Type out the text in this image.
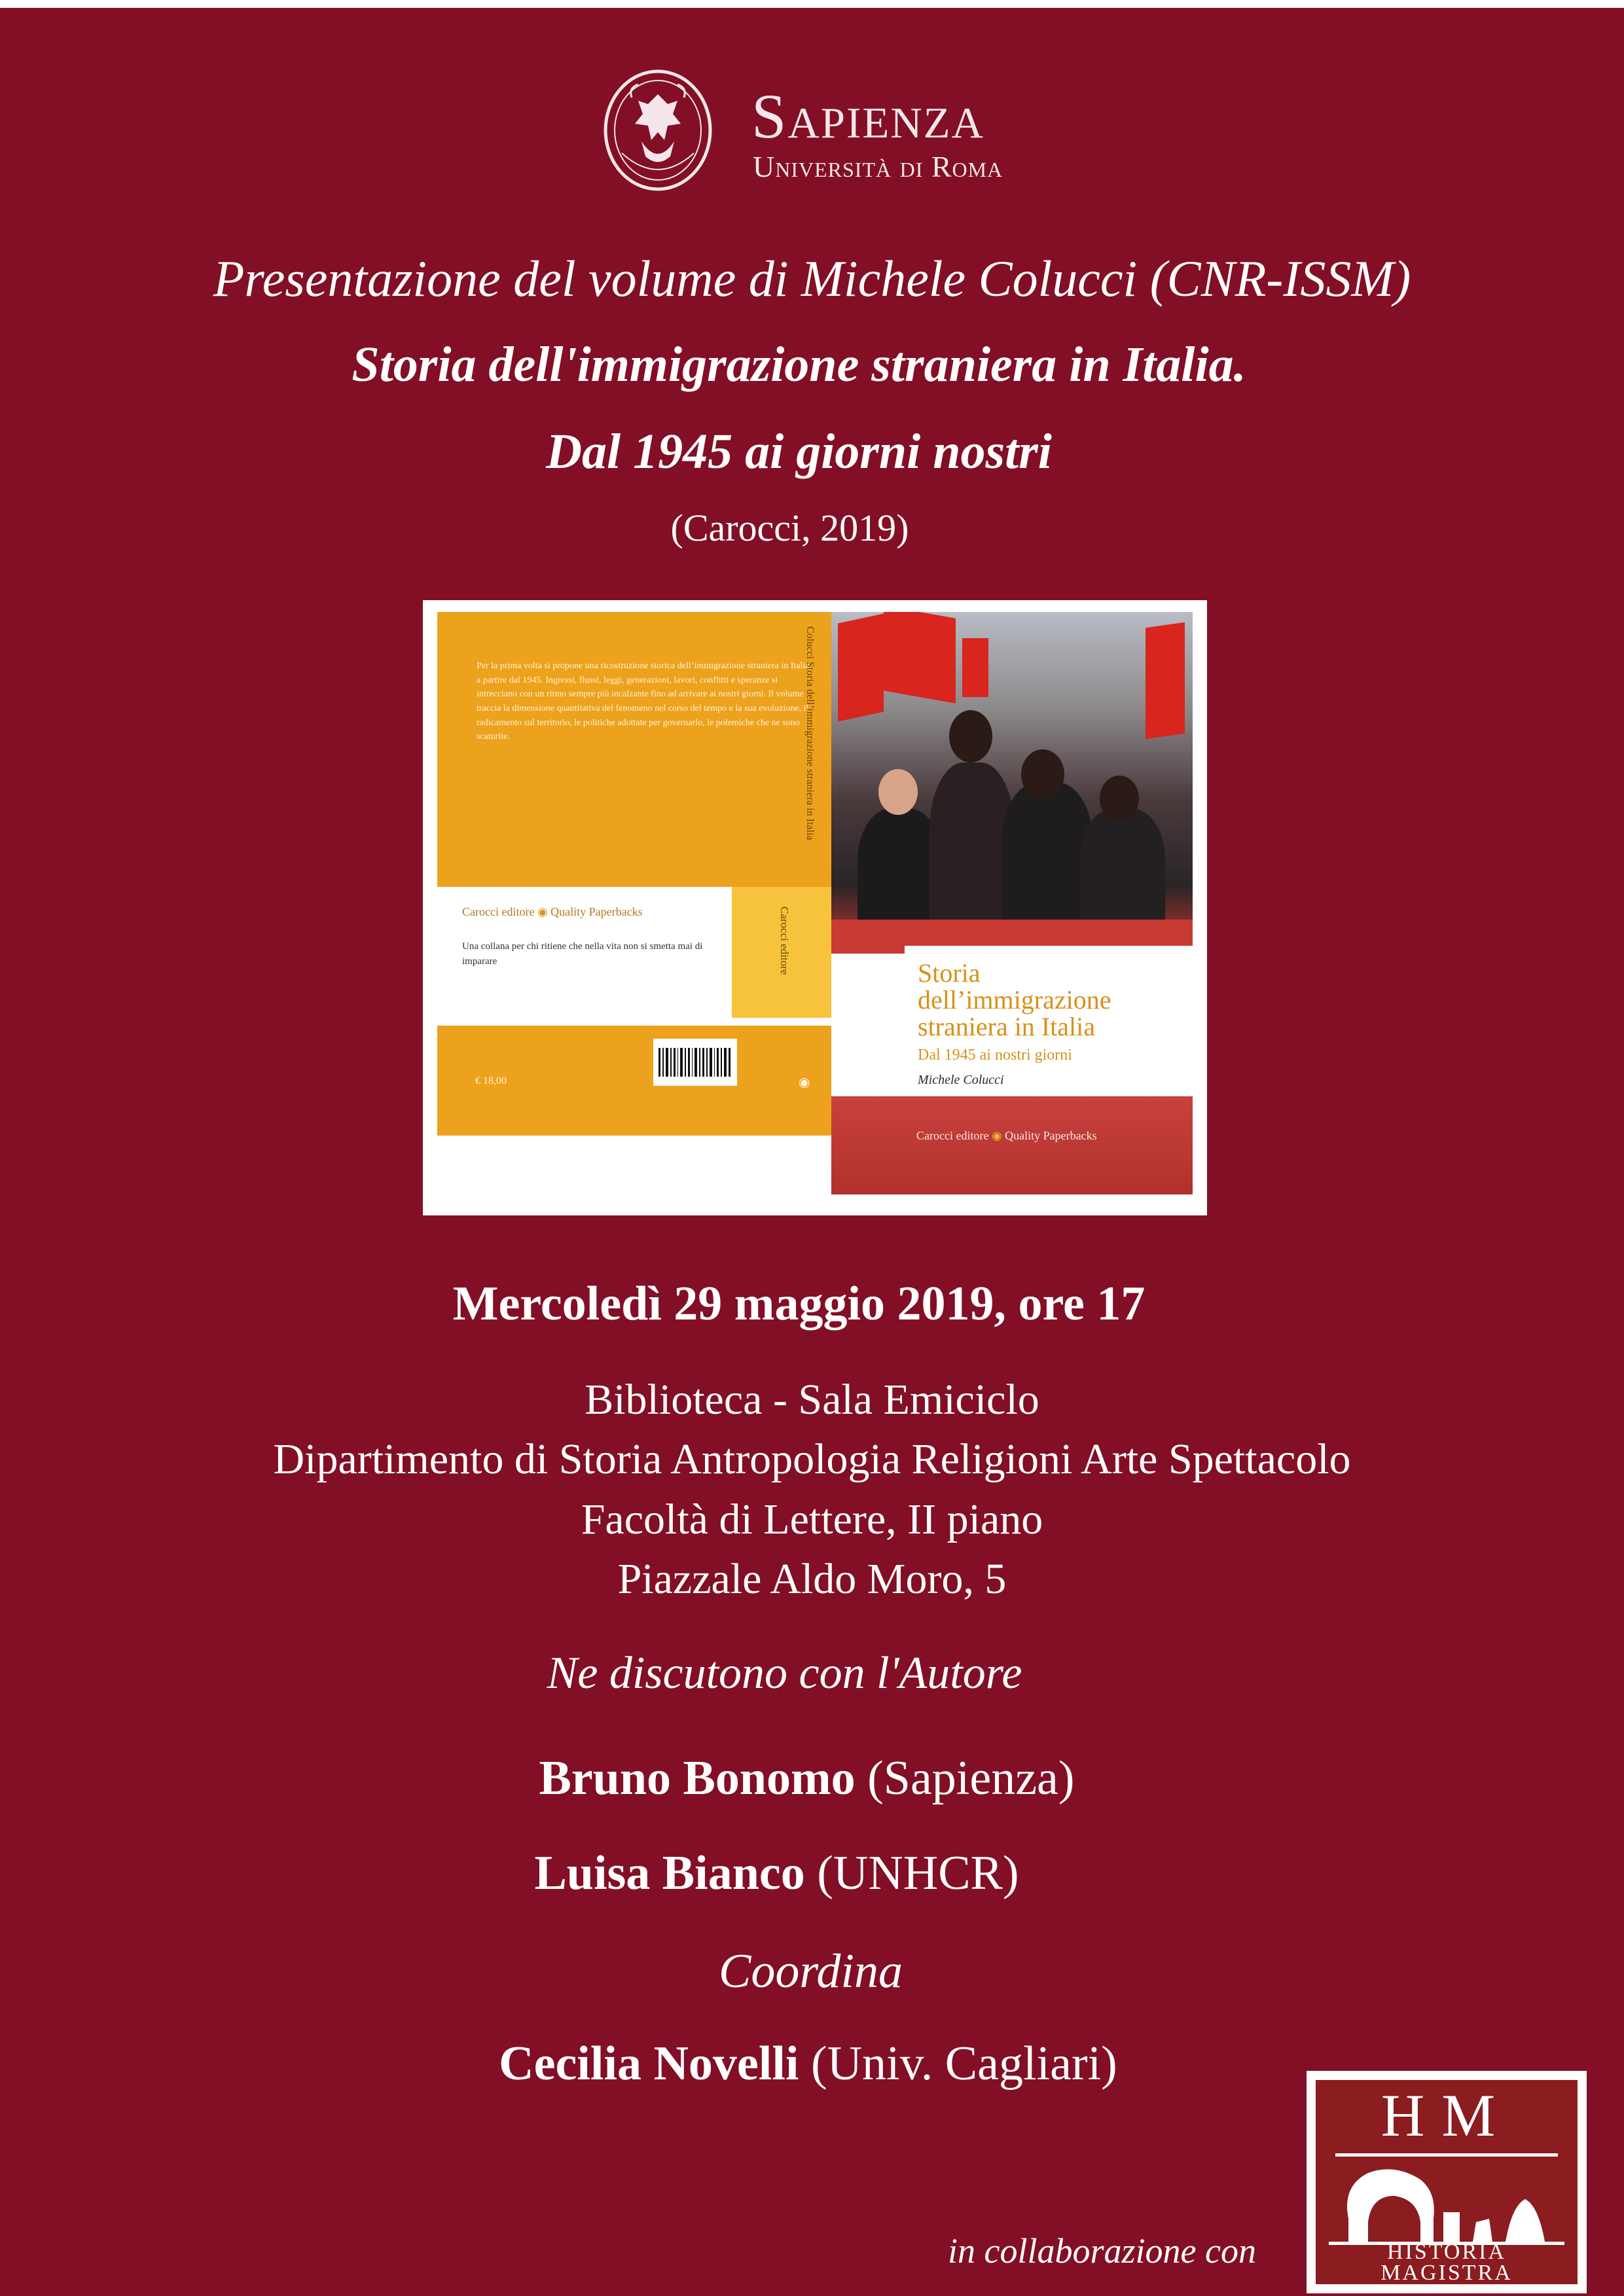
Sapienza
Università di Roma
Presentazione del volume di Michele Colucci (CNR-ISSM)
Storia dell'immigrazione straniera in Italia.
Dal 1945 ai giorni nostri
(Carocci, 2019)
Per la prima volta si propone una ricostruzione storica dell’immigrazione straniera in Italia, a partire dal 1945. Ingressi, flussi, leggi, generazioni, lavori, conflitti e speranze si intrecciano con un ritmo sempre più incalzante fino ad arrivare ai nostri giorni. Il volume traccia la dimensione quantitativa del fenomeno nel corso del tempo e la sua evoluzione, il radicamento sul territorio, le politiche adottate per governarlo, le polemiche che ne sono scaturite.
Carocci editore ◉ Quality Paperbacks
Una collana per chi ritiene che nella vita non si smetta mai di imparare	Carocci editore
Colucci Storia dell’immigrazione straniera in Italia
€ 18,00	◉
Storia
dell’immigrazione
straniera in Italia
Dal 1945 ai nostri giorni
Michele Colucci
Carocci editore ◉ Quality Paperbacks
Mercoledì 29 maggio 2019, ore 17
Biblioteca - Sala Emiciclo
Dipartimento di Storia Antropologia Religioni Arte Spettacolo
Facoltà di Lettere, II piano
Piazzale Aldo Moro, 5
Ne discutono con l'Autore
Bruno Bonomo (Sapienza)
Luisa Bianco (UNHCR)
Coordina
Cecilia Novelli (Univ. Cagliari)
in collaborazione con
HM
HISTORIA
MAGISTRA
